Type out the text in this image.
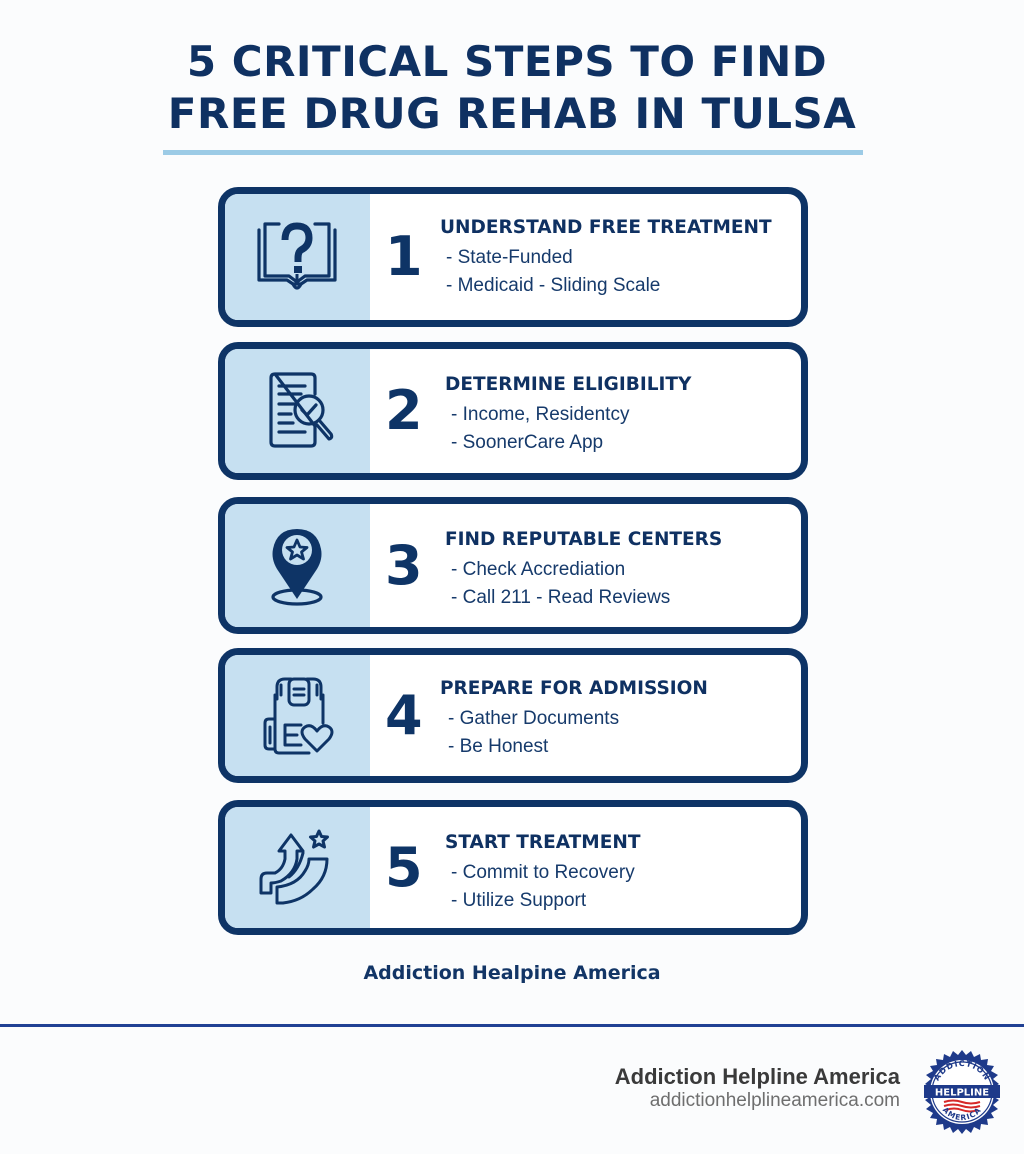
5 CRITICAL STEPS TO FIND
FREE DRUG REHAB IN TULSA
1 UNDERSTAND FREE TREATMENT
- State-Funded
- Medicaid - Sliding Scale
2 DETERMINE ELIGIBILITY
- Income, Residentcy
- SoonerCare App
3 FIND REPUTABLE CENTERS
- Check Accrediation
- Call 211 - Read Reviews
4 PREPARE FOR ADMISSION
- Gather Documents
- Be Honest
5 START TREATMENT
- Commit to Recovery
- Utilize Support
Addiction Healpine America
Addiction Helpline America
addictionhelplineamerica.com
ADDICTION
HELPLINE
AMERICA
